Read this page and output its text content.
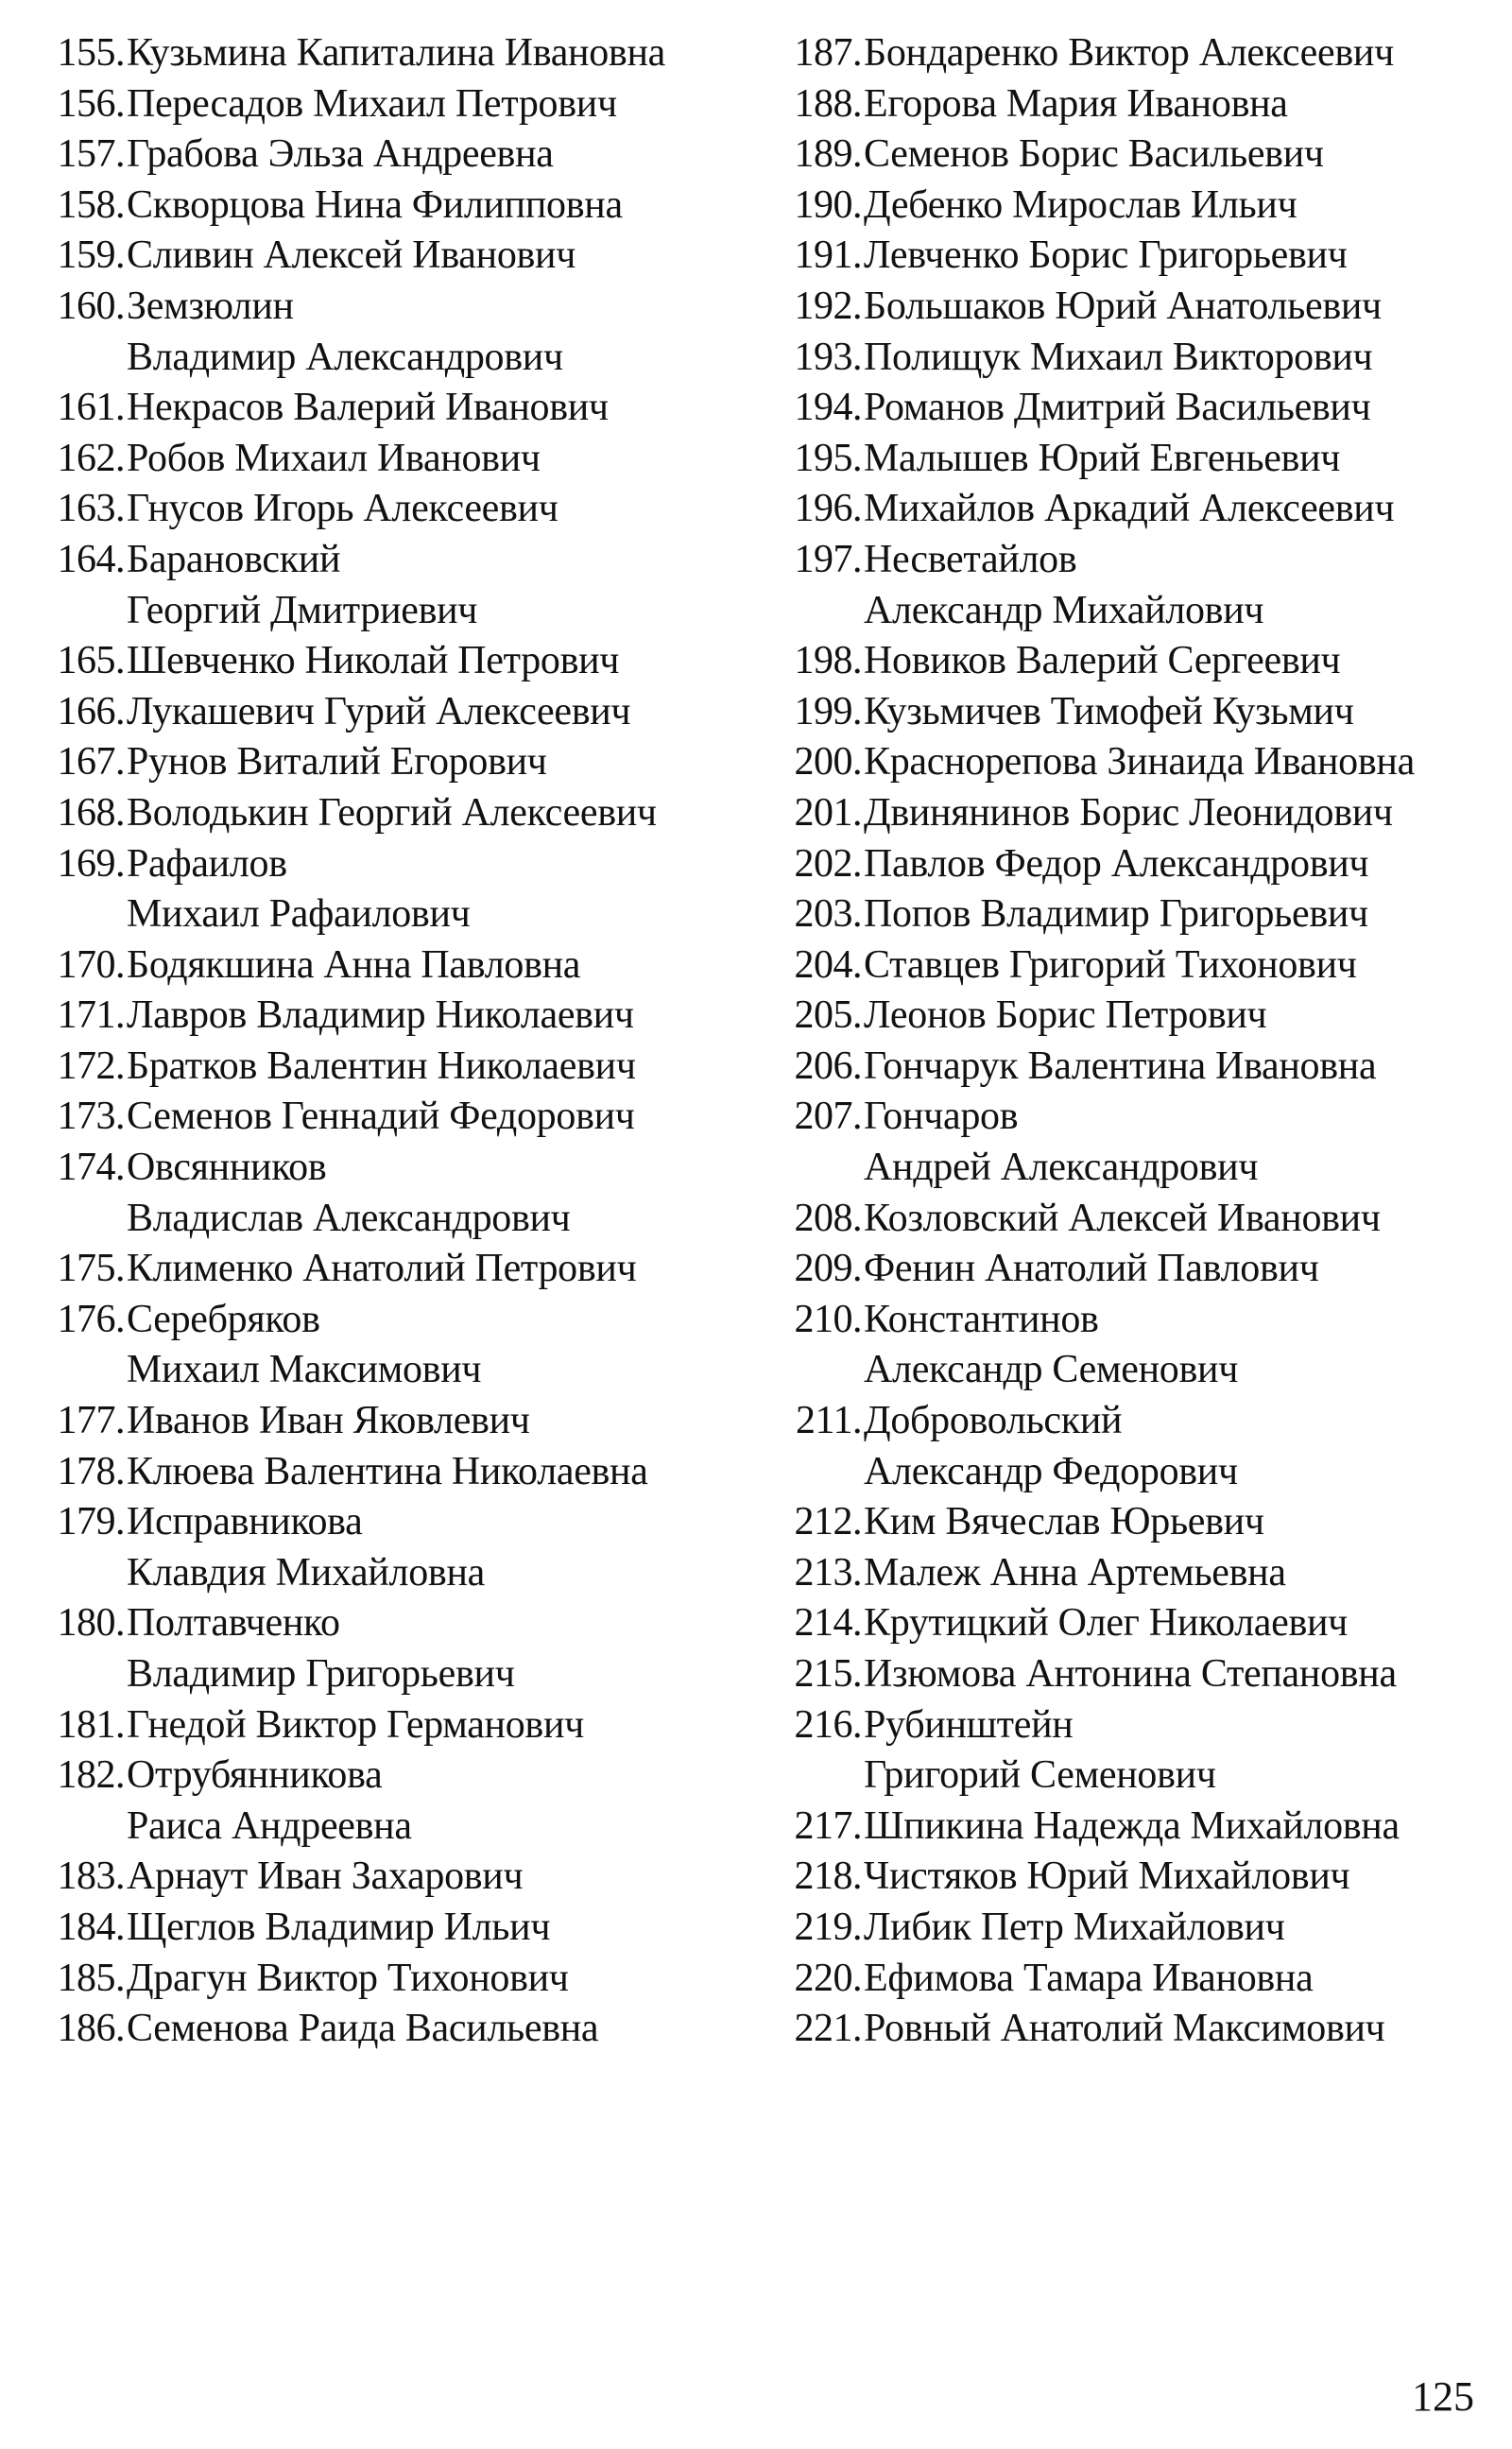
155. Кузьмина Капиталина Ивановна
156. Пересадов Михаил Петрович
157. Грабова Эльза Андреевна
158. Скворцова Нина Филипповна
159. Сливин Алексей Иванович
160. Земзюлин
Владимир Александрович
161. Некрасов Валерий Иванович
162. Робов Михаил Иванович
163. Гнусов Игорь Алексеевич
164. Барановский
Георгий Дмитриевич
165. Шевченко Николай Петрович
166. Лукашевич Гурий Алексеевич
167. Рунов Виталий Егорович
168. Володькин Георгий Алексеевич
169. Рафаилов
Михаил Рафаилович
170. Бодякшина Анна Павловна
171. Лавров Владимир Николаевич
172. Братков Валентин Николаевич
173. Семенов Геннадий Федорович
174. Овсянников
Владислав Александрович
175. Клименко Анатолий Петрович
176. Серебряков
Михаил Максимович
177. Иванов Иван Яковлевич
178. Клюева Валентина Николаевна
179. Исправникова
Клавдия Михайловна
180. Полтавченко
Владимир Григорьевич
181. Гнедой Виктор Германович
182. Отрубянникова
Раиса Андреевна
183. Арнаут Иван Захарович
184. Щеглов Владимир Ильич
185. Драгун Виктор Тихонович
186. Семенова Раида Васильевна
187. Бондаренко Виктор Алексеевич
188. Егорова Мария Ивановна
189. Семенов Борис Васильевич
190. Дебенко Мирослав Ильич
191. Левченко Борис Григорьевич
192. Большаков Юрий Анатольевич
193. Полищук Михаил Викторович
194. Романов Дмитрий Васильевич
195. Малышев Юрий Евгеньевич
196. Михайлов Аркадий Алексеевич
197. Несветайлов
Александр Михайлович
198. Новиков Валерий Сергеевич
199. Кузьмичев Тимофей Кузьмич
200. Краснорепова Зинаида Ивановна
201. Двинянинов Борис Леонидович
202. Павлов Федор Александрович
203. Попов Владимир Григорьевич
204. Ставцев Григорий Тихонович
205. Леонов Борис Петрович
206. Гончарук Валентина Ивановна
207. Гончаров
Андрей Александрович
208. Козловский Алексей Иванович
209. Фенин Анатолий Павлович
210. Константинов
Александр Семенович
211. Добровольский
Александр Федорович
212. Ким Вячеслав Юрьевич
213. Малеж Анна Артемьевна
214. Крутицкий Олег Николаевич
215. Изюмова Антонина Степановна
216. Рубинштейн
Григорий Семенович
217. Шпикина Надежда Михайловна
218. Чистяков Юрий Михайлович
219. Либик Петр Михайлович
220. Ефимова Тамара Ивановна
221. Ровный Анатолий Максимович
125
